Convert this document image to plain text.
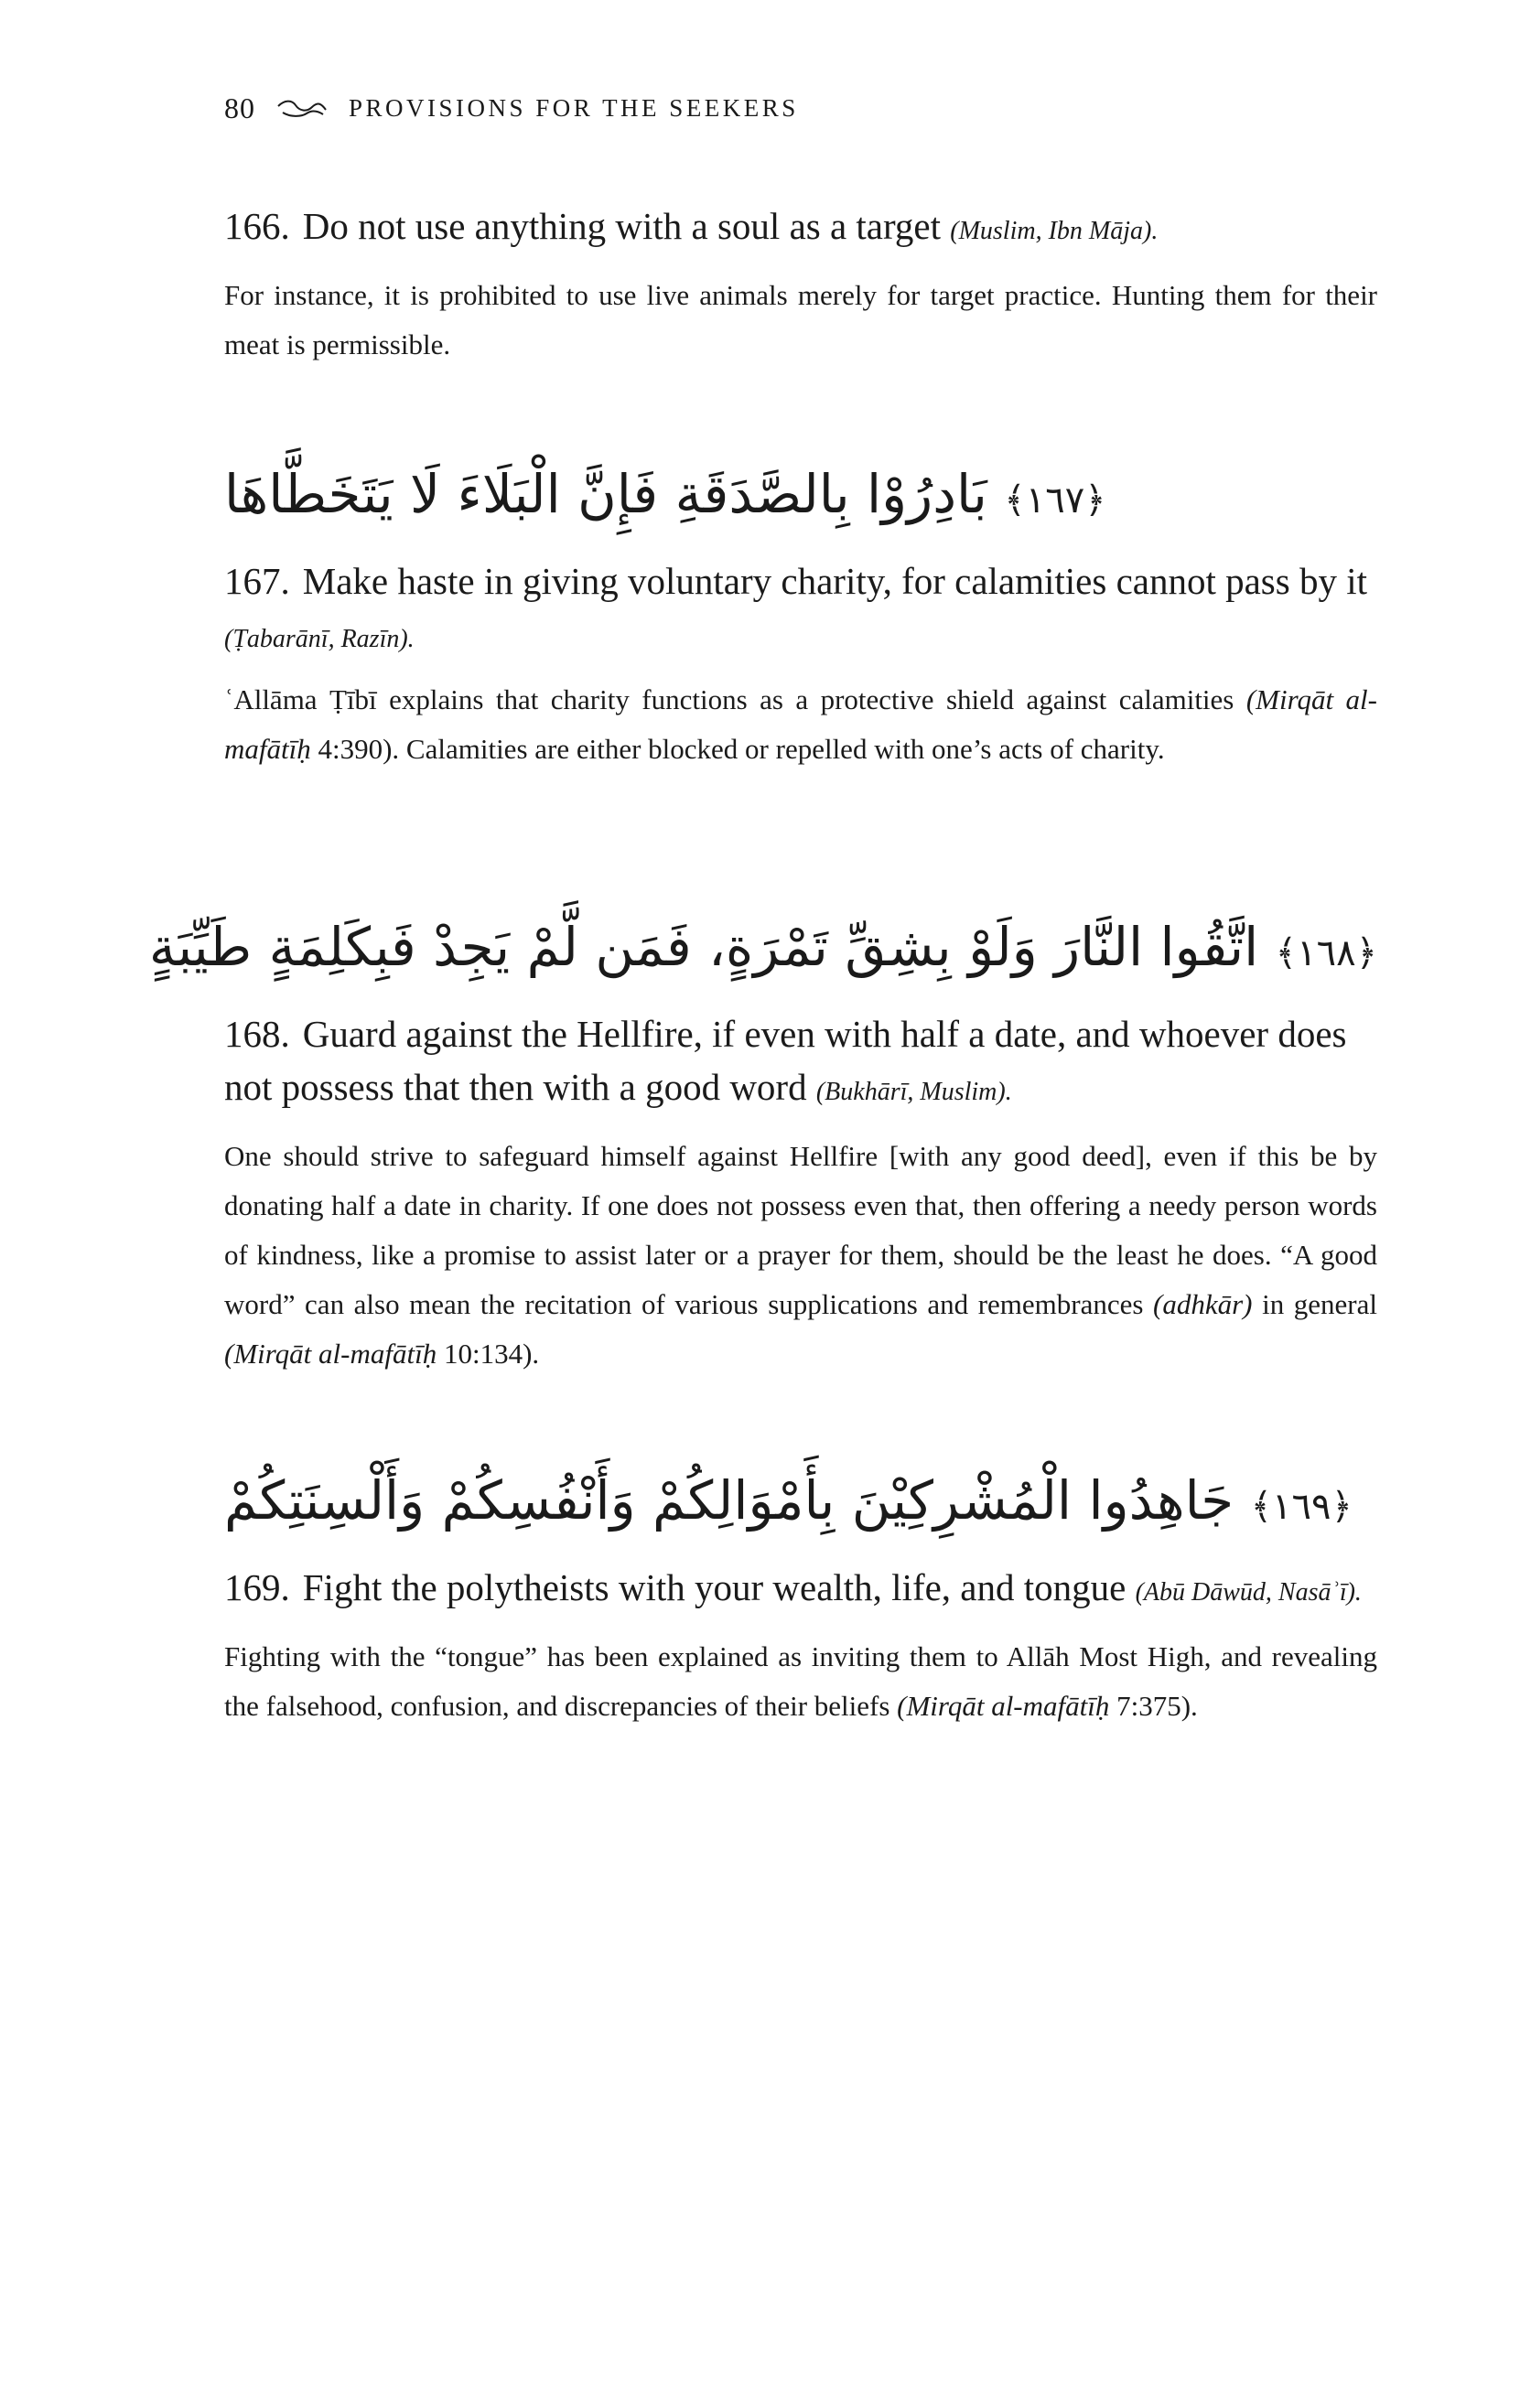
80	PROVISIONS FOR THE SEEKERS

166. Do not use anything with a soul as a target (Muslim, Ibn Māja).

For instance, it is prohibited to use live animals merely for target practice. Hunting them for their meat is permissible.

﴿١٦٧﴾ بَادِرُوْا بِالصَّدَقَةِ فَإِنَّ الْبَلَاءَ لَا يَتَخَطَّاهَا

167. Make haste in giving voluntary charity, for calamities cannot pass by it (Ṭabarānī, Razīn).

ʿAllāma Ṭībī explains that charity functions as a protective shield against calamities (Mirqāt al-mafātīḥ 4:390). Calamities are either blocked or repelled with one’s acts of charity.

﴿١٦٨﴾ اتَّقُوا النَّارَ وَلَوْ بِشِقِّ تَمْرَةٍ، فَمَن لَّمْ يَجِدْ فَبِكَلِمَةٍ طَيِّبَةٍ

168. Guard against the Hellfire, if even with half a date, and whoever does not possess that then with a good word (Bukhārī, Muslim).

One should strive to safeguard himself against Hellfire [with any good deed], even if this be by donating half a date in charity. If one does not possess even that, then offering a needy person words of kindness, like a promise to assist later or a prayer for them, should be the least he does. “A good word” can also mean the recitation of various supplications and remembrances (adhkār) in general (Mirqāt al-mafātīḥ 10:134).

﴿١٦٩﴾ جَاهِدُوا الْمُشْرِكِيْنَ بِأَمْوَالِكُمْ وَأَنْفُسِكُمْ وَأَلْسِنَتِكُمْ

169. Fight the polytheists with your wealth, life, and tongue (Abū Dāwūd, Nasāʾī).

Fighting with the “tongue” has been explained as inviting them to Allāh Most High, and revealing the falsehood, confusion, and discrepancies of their beliefs (Mirqāt al-mafātīḥ 7:375).
